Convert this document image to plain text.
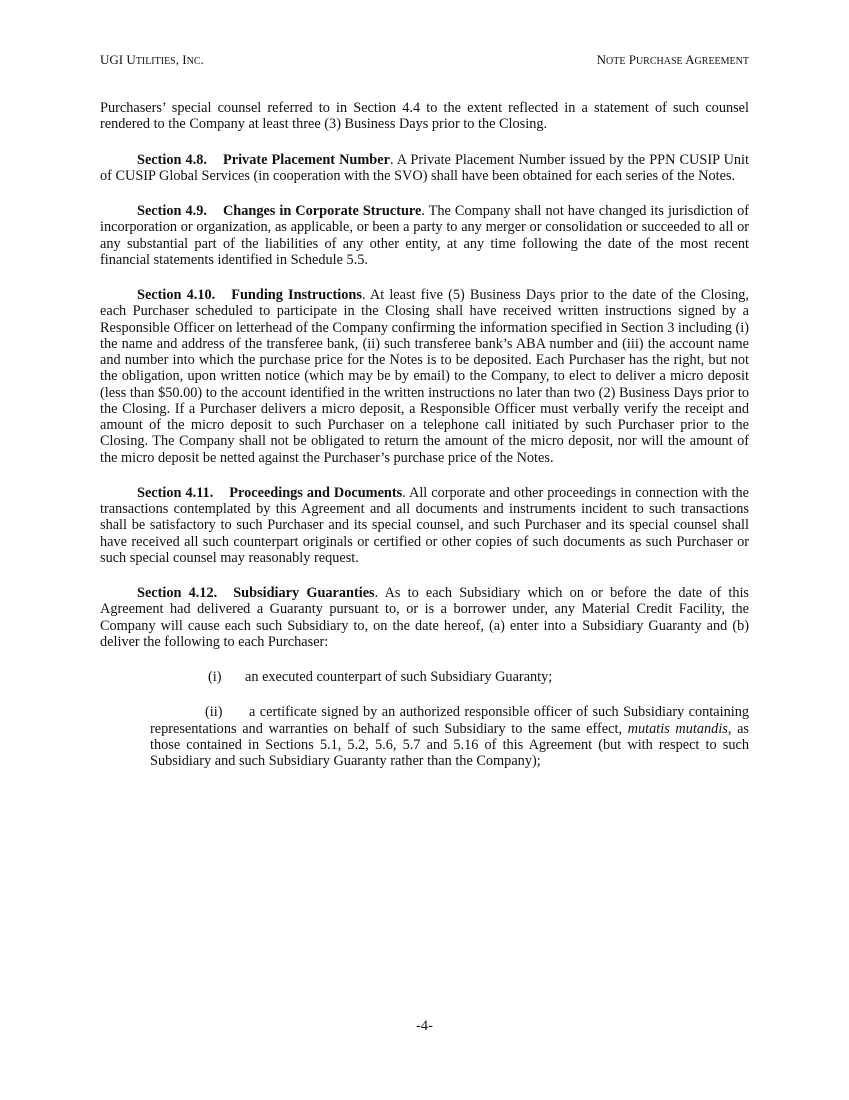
UGI UTILITIES, INC.	NOTE PURCHASE AGREEMENT

Purchasers’ special counsel referred to in Section 4.4 to the extent reflected in a statement of such counsel rendered to the Company at least three (3) Business Days prior to the Closing.

Section 4.8. Private Placement Number. A Private Placement Number issued by the PPN CUSIP Unit of CUSIP Global Services (in cooperation with the SVO) shall have been obtained for each series of the Notes.

Section 4.9. Changes in Corporate Structure. The Company shall not have changed its jurisdiction of incorporation or organization, as applicable, or been a party to any merger or consolidation or succeeded to all or any substantial part of the liabilities of any other entity, at any time following the date of the most recent financial statements identified in Schedule 5.5.

Section 4.10. Funding Instructions. At least five (5) Business Days prior to the date of the Closing, each Purchaser scheduled to participate in the Closing shall have received written instructions signed by a Responsible Officer on letterhead of the Company confirming the information specified in Section 3 including (i) the name and address of the transferee bank, (ii) such transferee bank’s ABA number and (iii) the account name and number into which the purchase price for the Notes is to be deposited. Each Purchaser has the right, but not the obligation, upon written notice (which may be by email) to the Company, to elect to deliver a micro deposit (less than $50.00) to the account identified in the written instructions no later than two (2) Business Days prior to the Closing. If a Purchaser delivers a micro deposit, a Responsible Officer must verbally verify the receipt and amount of the micro deposit to such Purchaser on a telephone call initiated by such Purchaser prior to the Closing. The Company shall not be obligated to return the amount of the micro deposit, nor will the amount of the micro deposit be netted against the Purchaser’s purchase price of the Notes.

Section 4.11. Proceedings and Documents. All corporate and other proceedings in connection with the transactions contemplated by this Agreement and all documents and instruments incident to such transactions shall be satisfactory to such Purchaser and its special counsel, and such Purchaser and its special counsel shall have received all such counterpart originals or certified or other copies of such documents as such Purchaser or such special counsel may reasonably request.

Section 4.12. Subsidiary Guaranties. As to each Subsidiary which on or before the date of this Agreement had delivered a Guaranty pursuant to, or is a borrower under, any Material Credit Facility, the Company will cause each such Subsidiary to, on the date hereof, (a) enter into a Subsidiary Guaranty and (b) deliver the following to each Purchaser:

(i) an executed counterpart of such Subsidiary Guaranty;

(ii) a certificate signed by an authorized responsible officer of such Subsidiary containing representations and warranties on behalf of such Subsidiary to the same effect, mutatis mutandis, as those contained in Sections 5.1, 5.2, 5.6, 5.7 and 5.16 of this Agreement (but with respect to such Subsidiary and such Subsidiary Guaranty rather than the Company);

-4-
